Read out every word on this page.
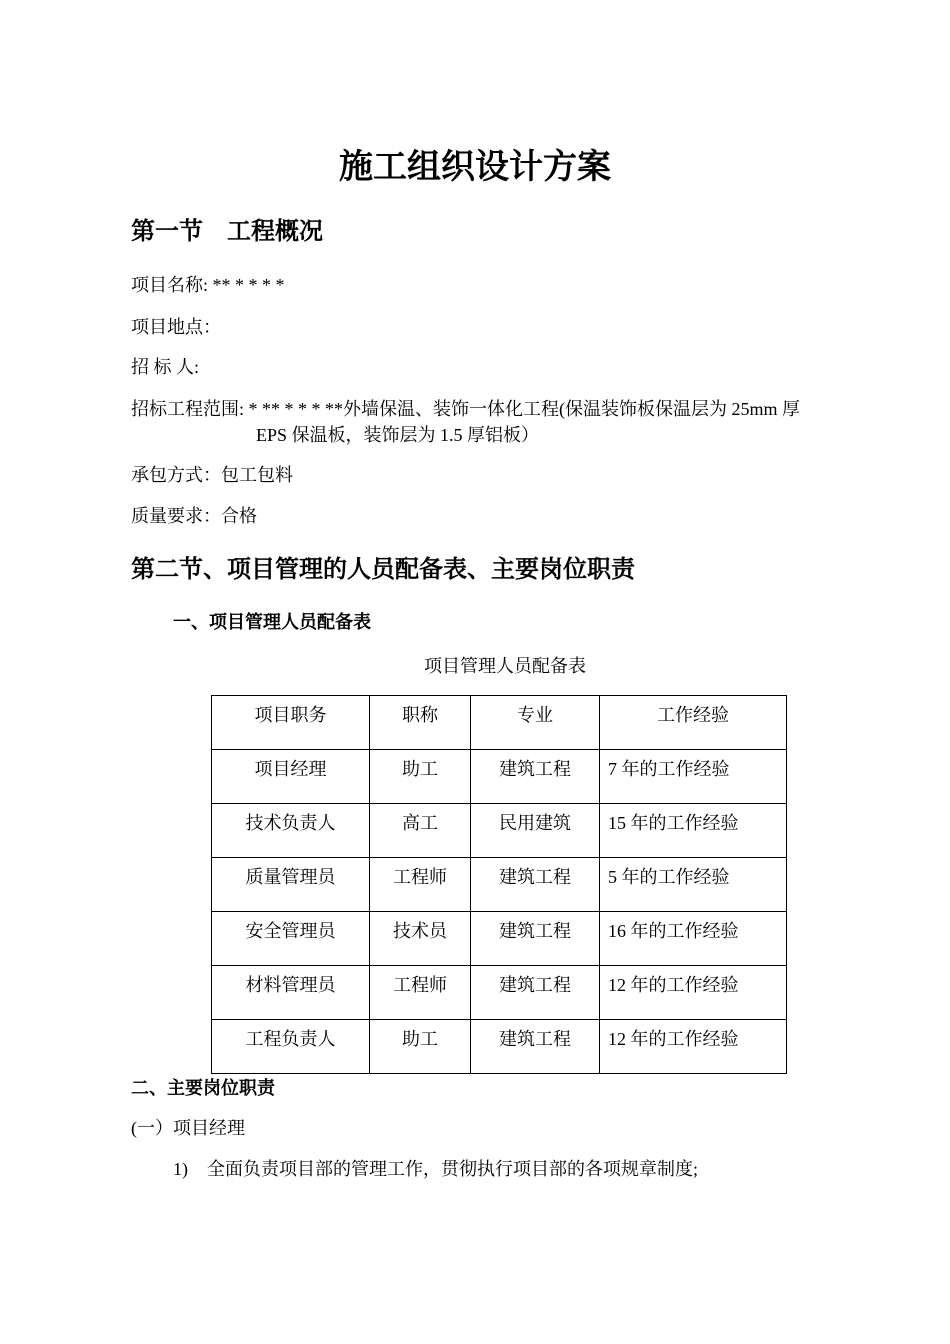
施工组织设计方案
第一节　工程概况
项目名称: ** * * * *
项目地点：
招 标 人:
招标工程范围: * ** * * * **外墙保温、装饰一体化工程(保温装饰板保温层为 25mm 厚
EPS 保温板，装饰层为 1.5 厚铝板）
承包方式：包工包料
质量要求：合格
第二节、项目管理的人员配备表、主要岗位职责
一、项目管理人员配备表
项目管理人员配备表
项目职务	职称	专业	工作经验
项目经理	助工	建筑工程	7 年的工作经验
技术负责人	高工	民用建筑	15 年的工作经验
质量管理员	工程师	建筑工程	5 年的工作经验
安全管理员	技术员	建筑工程	16 年的工作经验
材料管理员	工程师	建筑工程	12 年的工作经验
工程负责人	助工	建筑工程	12 年的工作经验
二、主要岗位职责
(一）项目经理
1) 全面负责项目部的管理工作，贯彻执行项目部的各项规章制度;
